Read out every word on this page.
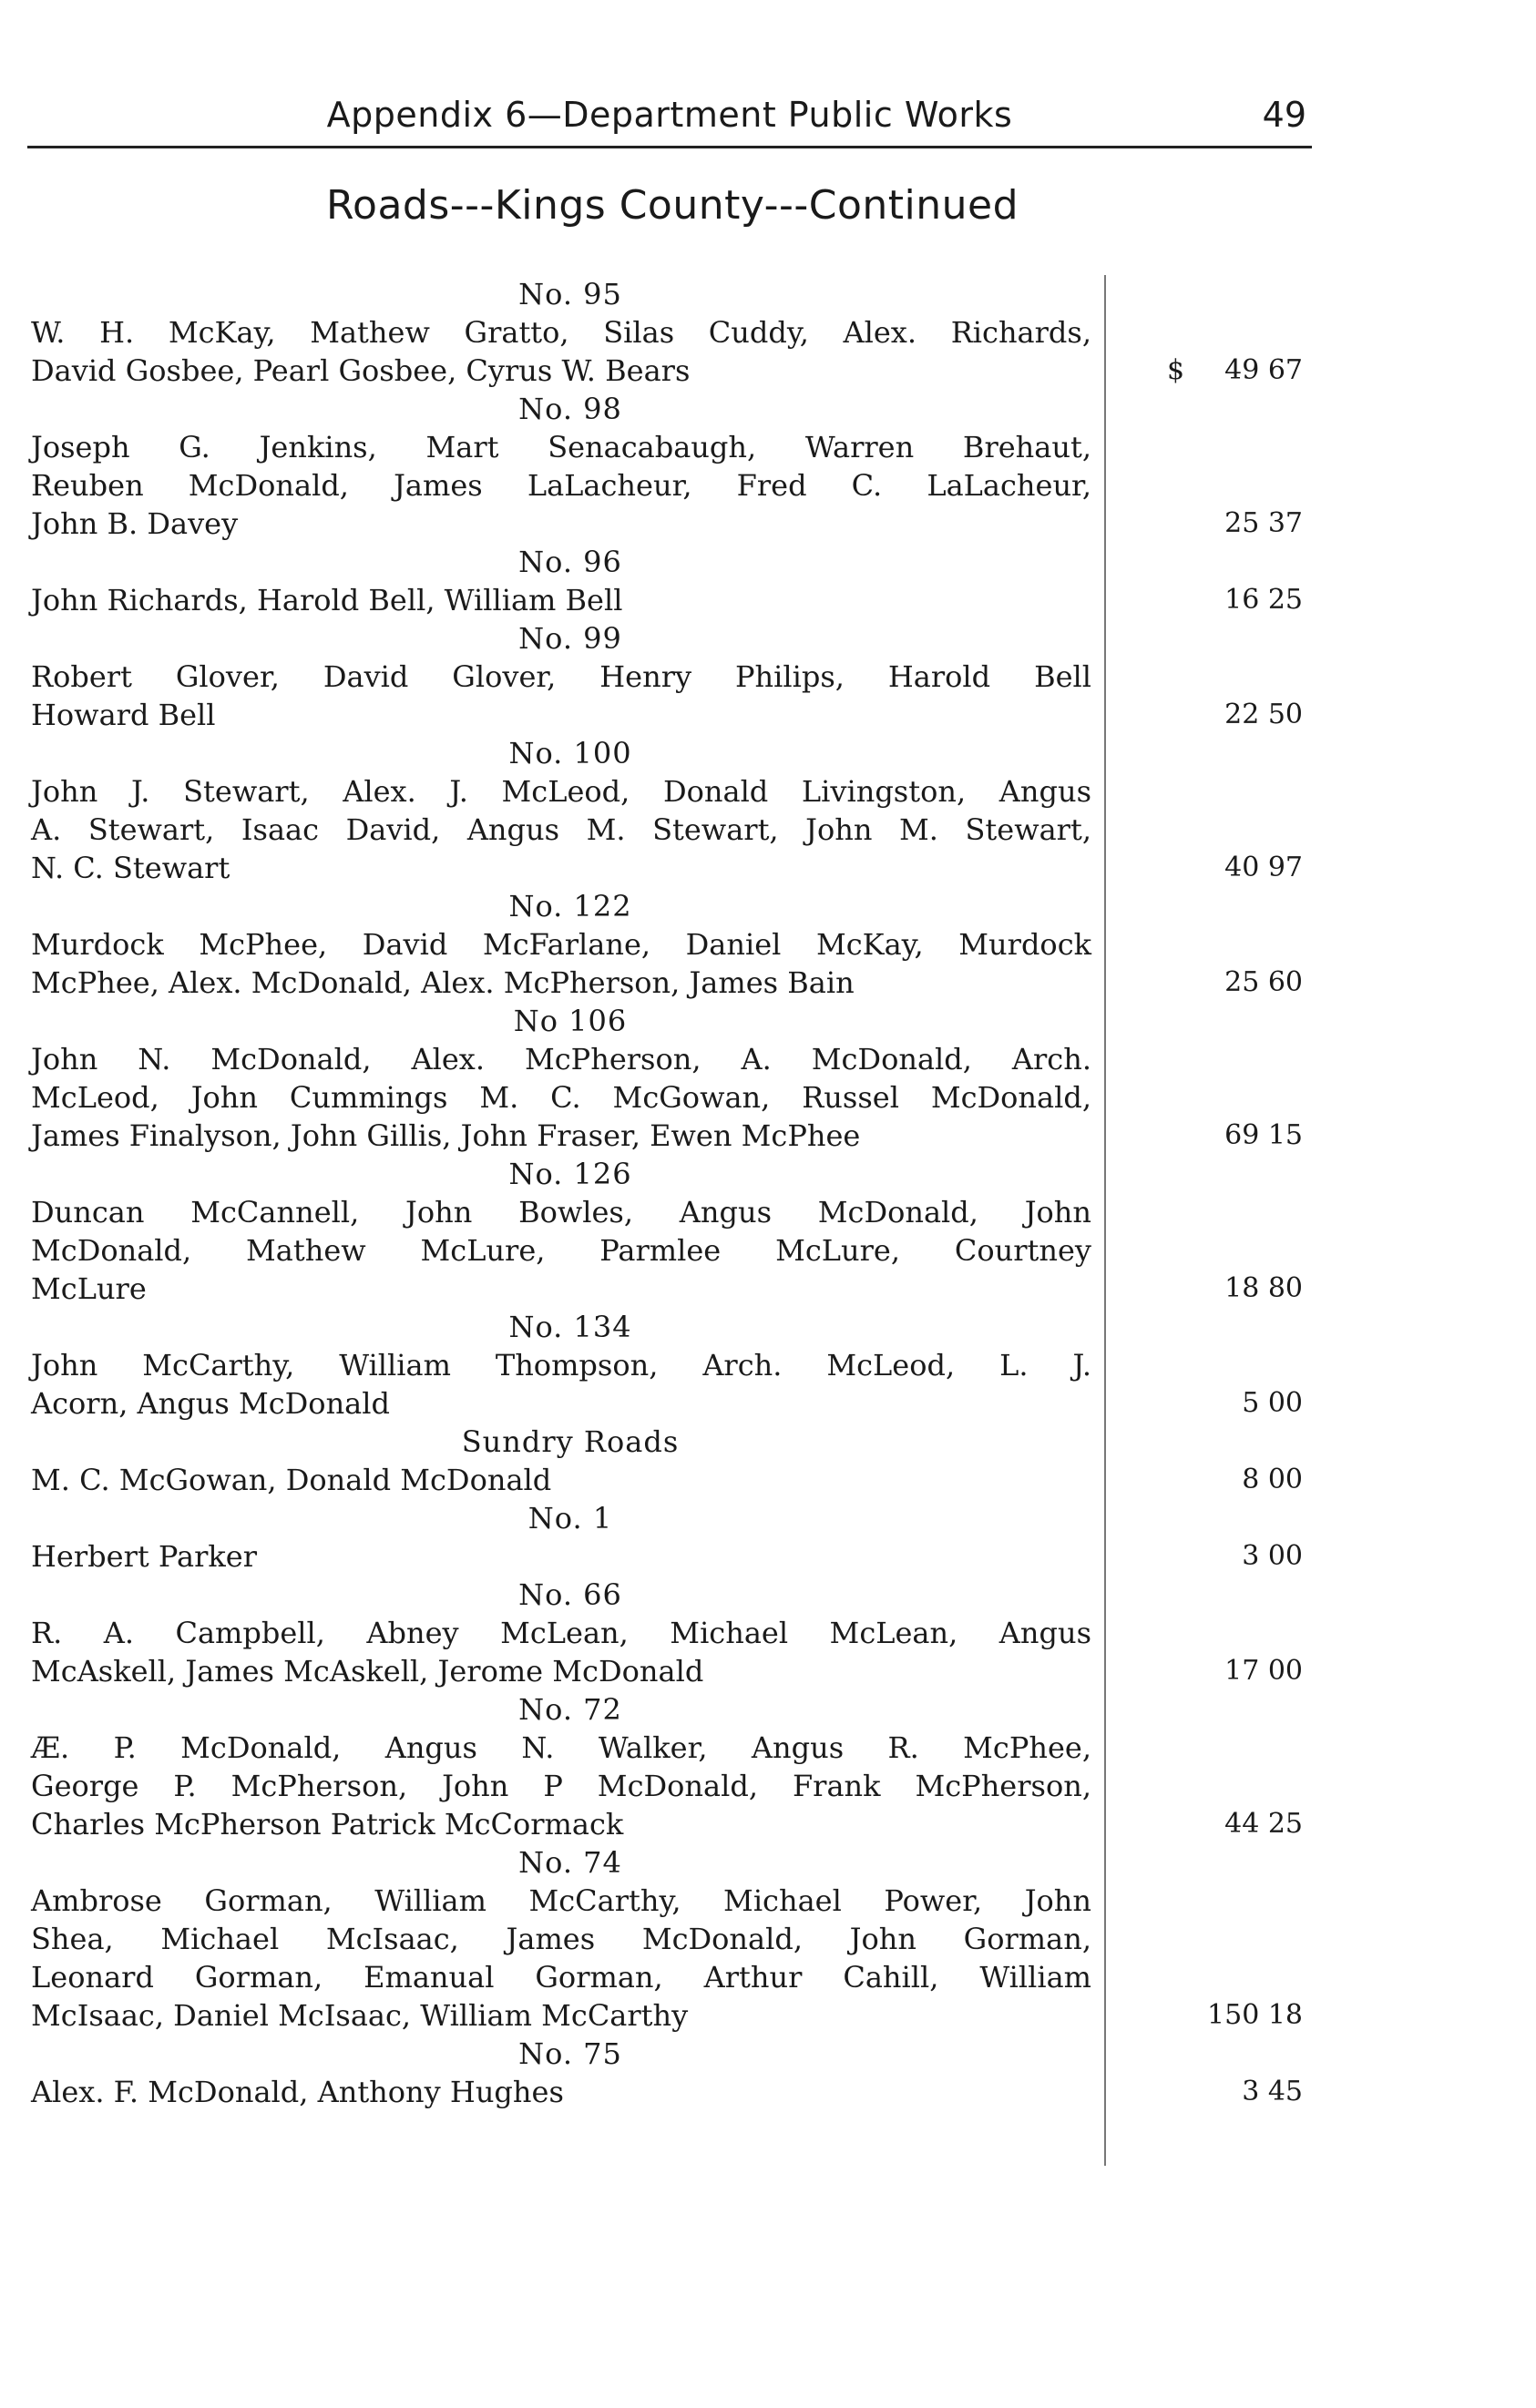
Appendix 6—Department Public Works	49
Roads---Kings County---Continued
No. 95
W. H. McKay, Mathew Gratto, Silas Cuddy, Alex. Richards,
David Gosbee, Pearl Gosbee, Cyrus W. Bears	$ 49 67
No. 98
Joseph G. Jenkins, Mart Senacabaugh, Warren Brehaut,
Reuben McDonald, James LaLacheur, Fred C. LaLacheur,
John B. Davey	25 37
No. 96
John Richards, Harold Bell, William Bell	16 25
No. 99
Robert Glover, David Glover, Henry Philips, Harold Bell
Howard Bell	22 50
No. 100
John J. Stewart, Alex. J. McLeod, Donald Livingston, Angus
A. Stewart, Isaac David, Angus M. Stewart, John M. Stewart,
N. C. Stewart	40 97
No. 122
Murdock McPhee, David McFarlane, Daniel McKay, Murdock
McPhee, Alex. McDonald, Alex. McPherson, James Bain	25 60
No 106
John N. McDonald, Alex. McPherson, A. McDonald, Arch.
McLeod, John Cummings M. C. McGowan, Russel McDonald,
James Finalyson, John Gillis, John Fraser, Ewen McPhee	69 15
No. 126
Duncan McCannell, John Bowles, Angus McDonald, John
McDonald, Mathew McLure, Parmlee McLure, Courtney
McLure	18 80
No. 134
John McCarthy, William Thompson, Arch. McLeod, L. J.
Acorn, Angus McDonald	5 00
Sundry Roads
M. C. McGowan, Donald McDonald	8 00
No. 1
Herbert Parker	3 00
No. 66
R. A. Campbell, Abney McLean, Michael McLean, Angus
McAskell, James McAskell, Jerome McDonald	17 00
No. 72
Æ. P. McDonald, Angus N. Walker, Angus R. McPhee,
George P. McPherson, John P McDonald, Frank McPherson,
Charles McPherson Patrick McCormack	44 25
No. 74
Ambrose Gorman, William McCarthy, Michael Power, John
Shea, Michael McIsaac, James McDonald, John Gorman,
Leonard Gorman, Emanual Gorman, Arthur Cahill, William
McIsaac, Daniel McIsaac, William McCarthy	150 18
No. 75
Alex. F. McDonald, Anthony Hughes	3 45
